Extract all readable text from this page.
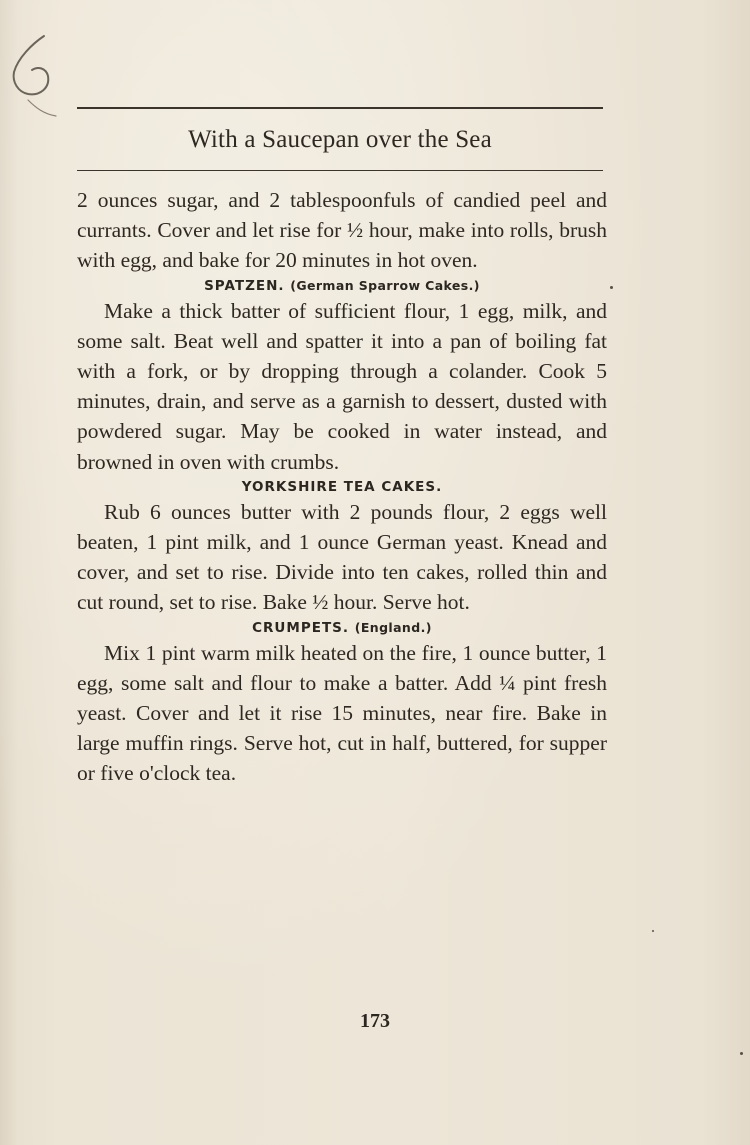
With a Saucepan over the Sea

2 ounces sugar, and 2 tablespoonfuls of candied peel and currants. Cover and let rise for ½ hour, make into rolls, brush with egg, and bake for 20 minutes in hot oven.

SPATZEN. (German Sparrow Cakes.)

Make a thick batter of sufficient flour, 1 egg, milk, and some salt. Beat well and spatter it into a pan of boiling fat with a fork, or by dropping through a colander. Cook 5 minutes, drain, and serve as a garnish to dessert, dusted with powdered sugar. May be cooked in water instead, and browned in oven with crumbs.

YORKSHIRE TEA CAKES.

Rub 6 ounces butter with 2 pounds flour, 2 eggs well beaten, 1 pint milk, and 1 ounce German yeast. Knead and cover, and set to rise. Divide into ten cakes, rolled thin and cut round, set to rise. Bake ½ hour. Serve hot.

CRUMPETS. (England.)

Mix 1 pint warm milk heated on the fire, 1 ounce butter, 1 egg, some salt and flour to make a batter. Add ¼ pint fresh yeast. Cover and let it rise 15 minutes, near fire. Bake in large muffin rings. Serve hot, cut in half, buttered, for supper or five o'clock tea.

173
